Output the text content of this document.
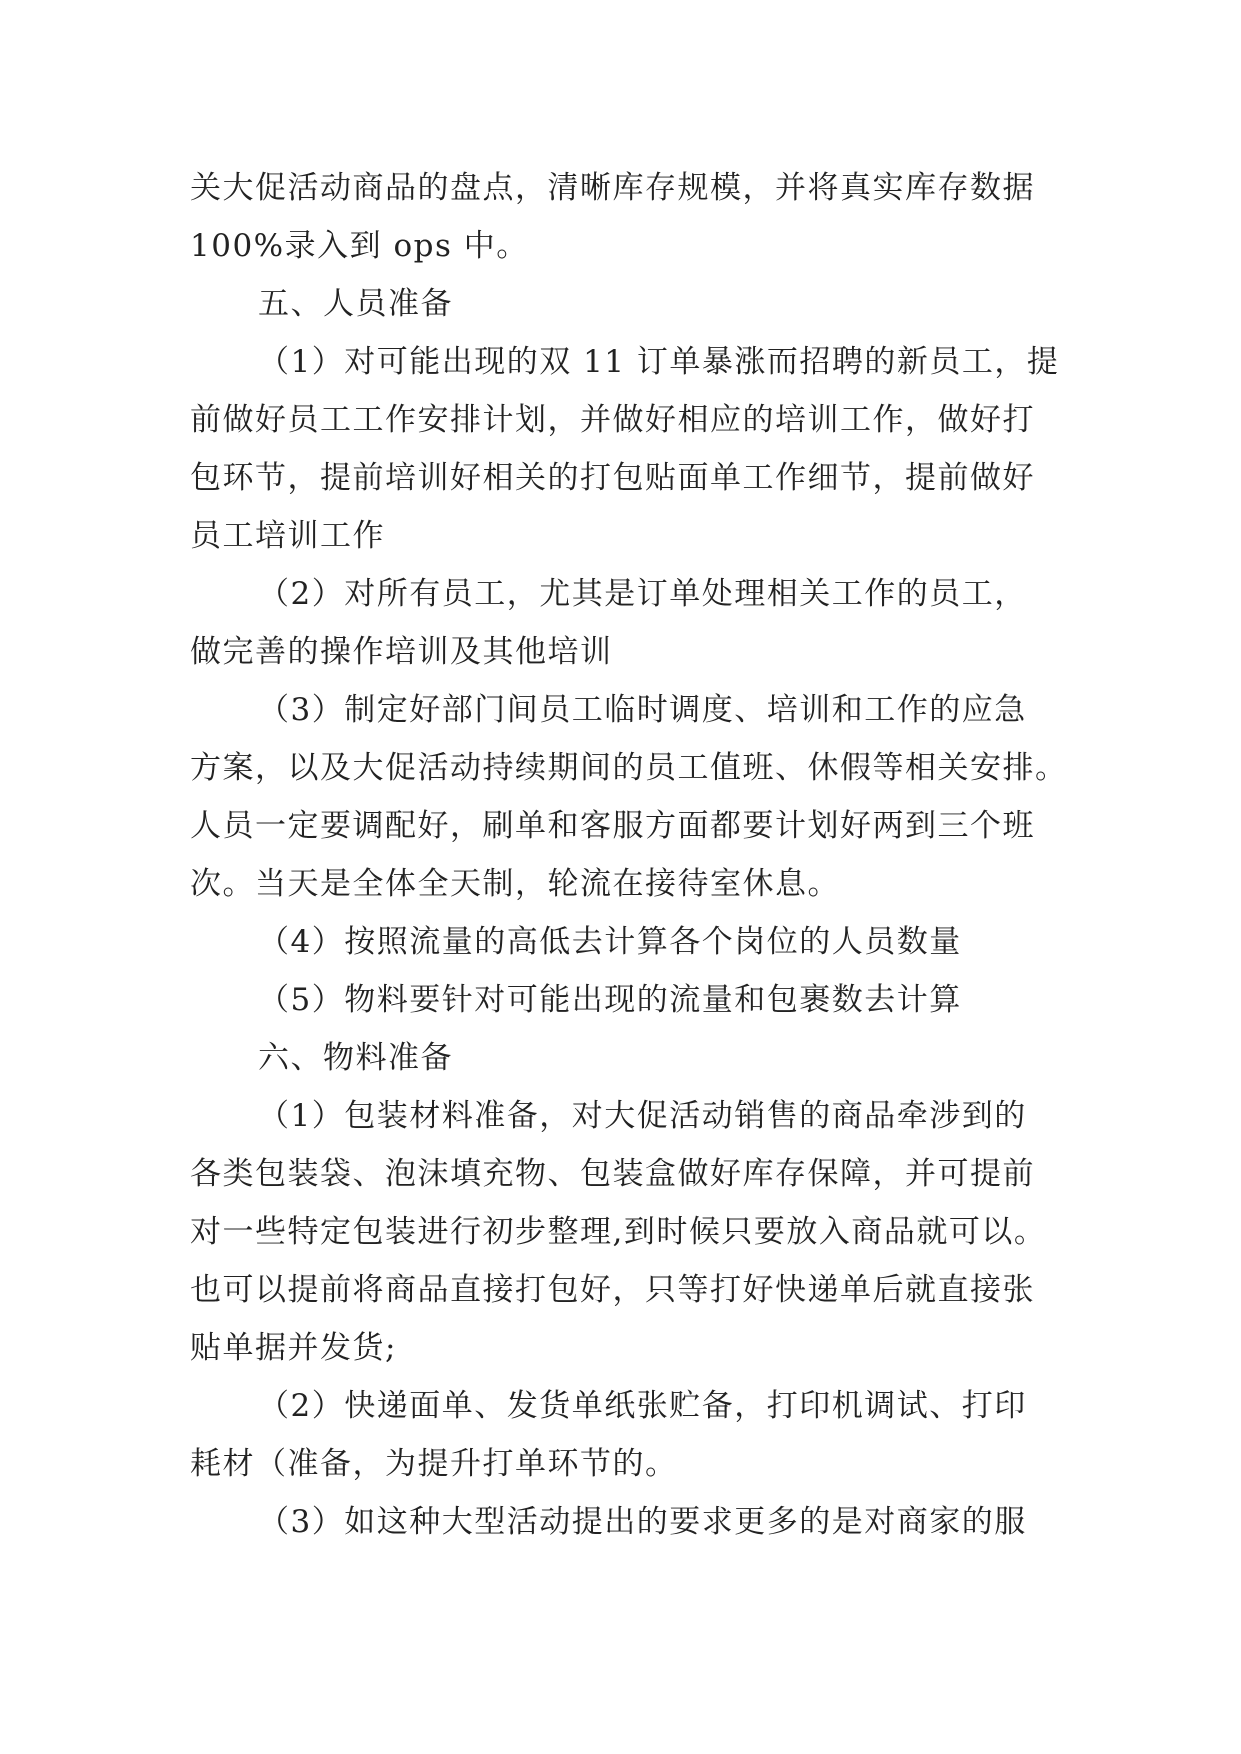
关大促活动商品的盘点，清晰库存规模，并将真实库存数据
100%录入到 ops 中。
五、人员准备
（1）对可能出现的双 11 订单暴涨而招聘的新员工，提
前做好员工工作安排计划，并做好相应的培训工作，做好打
包环节，提前培训好相关的打包贴面单工作细节，提前做好
员工培训工作
（2）对所有员工，尤其是订单处理相关工作的员工，
做完善的操作培训及其他培训
（3）制定好部门间员工临时调度、培训和工作的应急
方案，以及大促活动持续期间的员工值班、休假等相关安排。
人员一定要调配好，刷单和客服方面都要计划好两到三个班
次。当天是全体全天制，轮流在接待室休息。
（4）按照流量的高低去计算各个岗位的人员数量
（5）物料要针对可能出现的流量和包裹数去计算
六、物料准备
（1）包装材料准备，对大促活动销售的商品牵涉到的
各类包装袋、泡沫填充物、包装盒做好库存保障，并可提前
对一些特定包装进行初步整理,到时候只要放入商品就可以。
也可以提前将商品直接打包好，只等打好快递单后就直接张
贴单据并发货;
（2）快递面单、发货单纸张贮备，打印机调试、打印
耗材（准备，为提升打单环节的。
（3）如这种大型活动提出的要求更多的是对商家的服
